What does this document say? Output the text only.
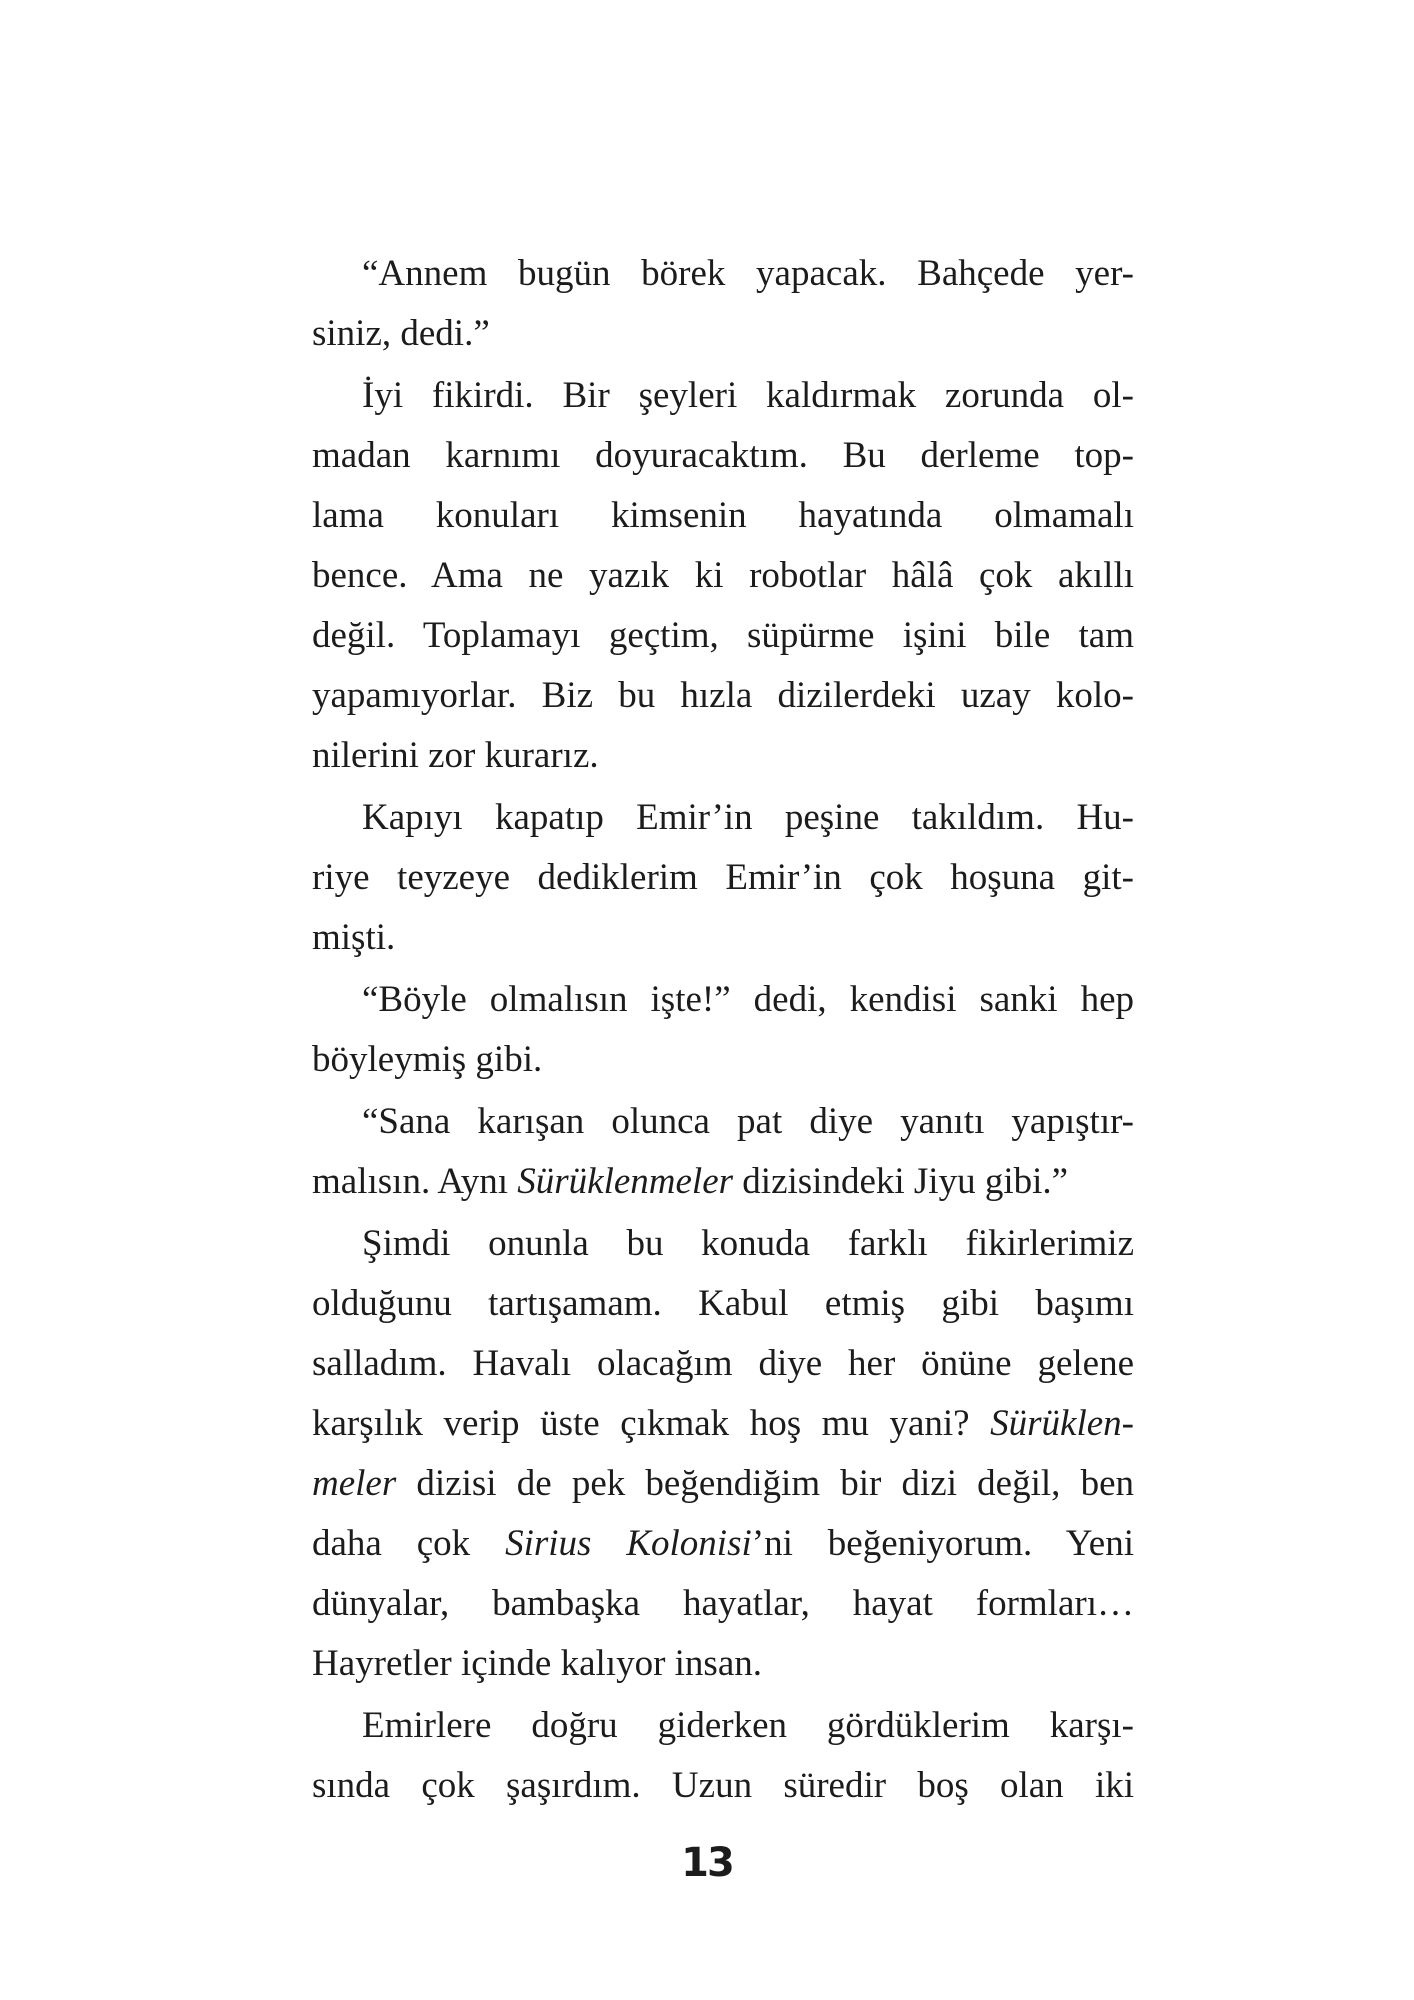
“Annem bugün börek yapacak. Bahçede yer-
siniz, dedi.”
İyi fikirdi. Bir şeyleri kaldırmak zorunda ol-
madan karnımı doyuracaktım. Bu derleme top-
lama konuları kimsenin hayatında olmamalı
bence. Ama ne yazık ki robotlar hâlâ çok akıllı
değil. Toplamayı geçtim, süpürme işini bile tam
yapamıyorlar. Biz bu hızla dizilerdeki uzay kolo-
nilerini zor kurarız.
Kapıyı kapatıp Emir’in peşine takıldım. Hu-
riye teyzeye dediklerim Emir’in çok hoşuna git-
mişti.
“Böyle olmalısın işte!” dedi, kendisi sanki hep
böyleymiş gibi.
“Sana karışan olunca pat diye yanıtı yapıştır-
malısın. Aynı Sürüklenmeler dizisindeki Jiyu gibi.”
Şimdi onunla bu konuda farklı fikirlerimiz
olduğunu tartışamam. Kabul etmiş gibi başımı
salladım. Havalı olacağım diye her önüne gelene
karşılık verip üste çıkmak hoş mu yani? Sürüklen-
meler dizisi de pek beğendiğim bir dizi değil, ben
daha çok Sirius Kolonisi’ni beğeniyorum. Yeni
dünyalar, bambaşka hayatlar, hayat formları…
Hayretler içinde kalıyor insan.
Emirlere doğru giderken gördüklerim karşı-
sında çok şaşırdım. Uzun süredir boş olan iki
13
